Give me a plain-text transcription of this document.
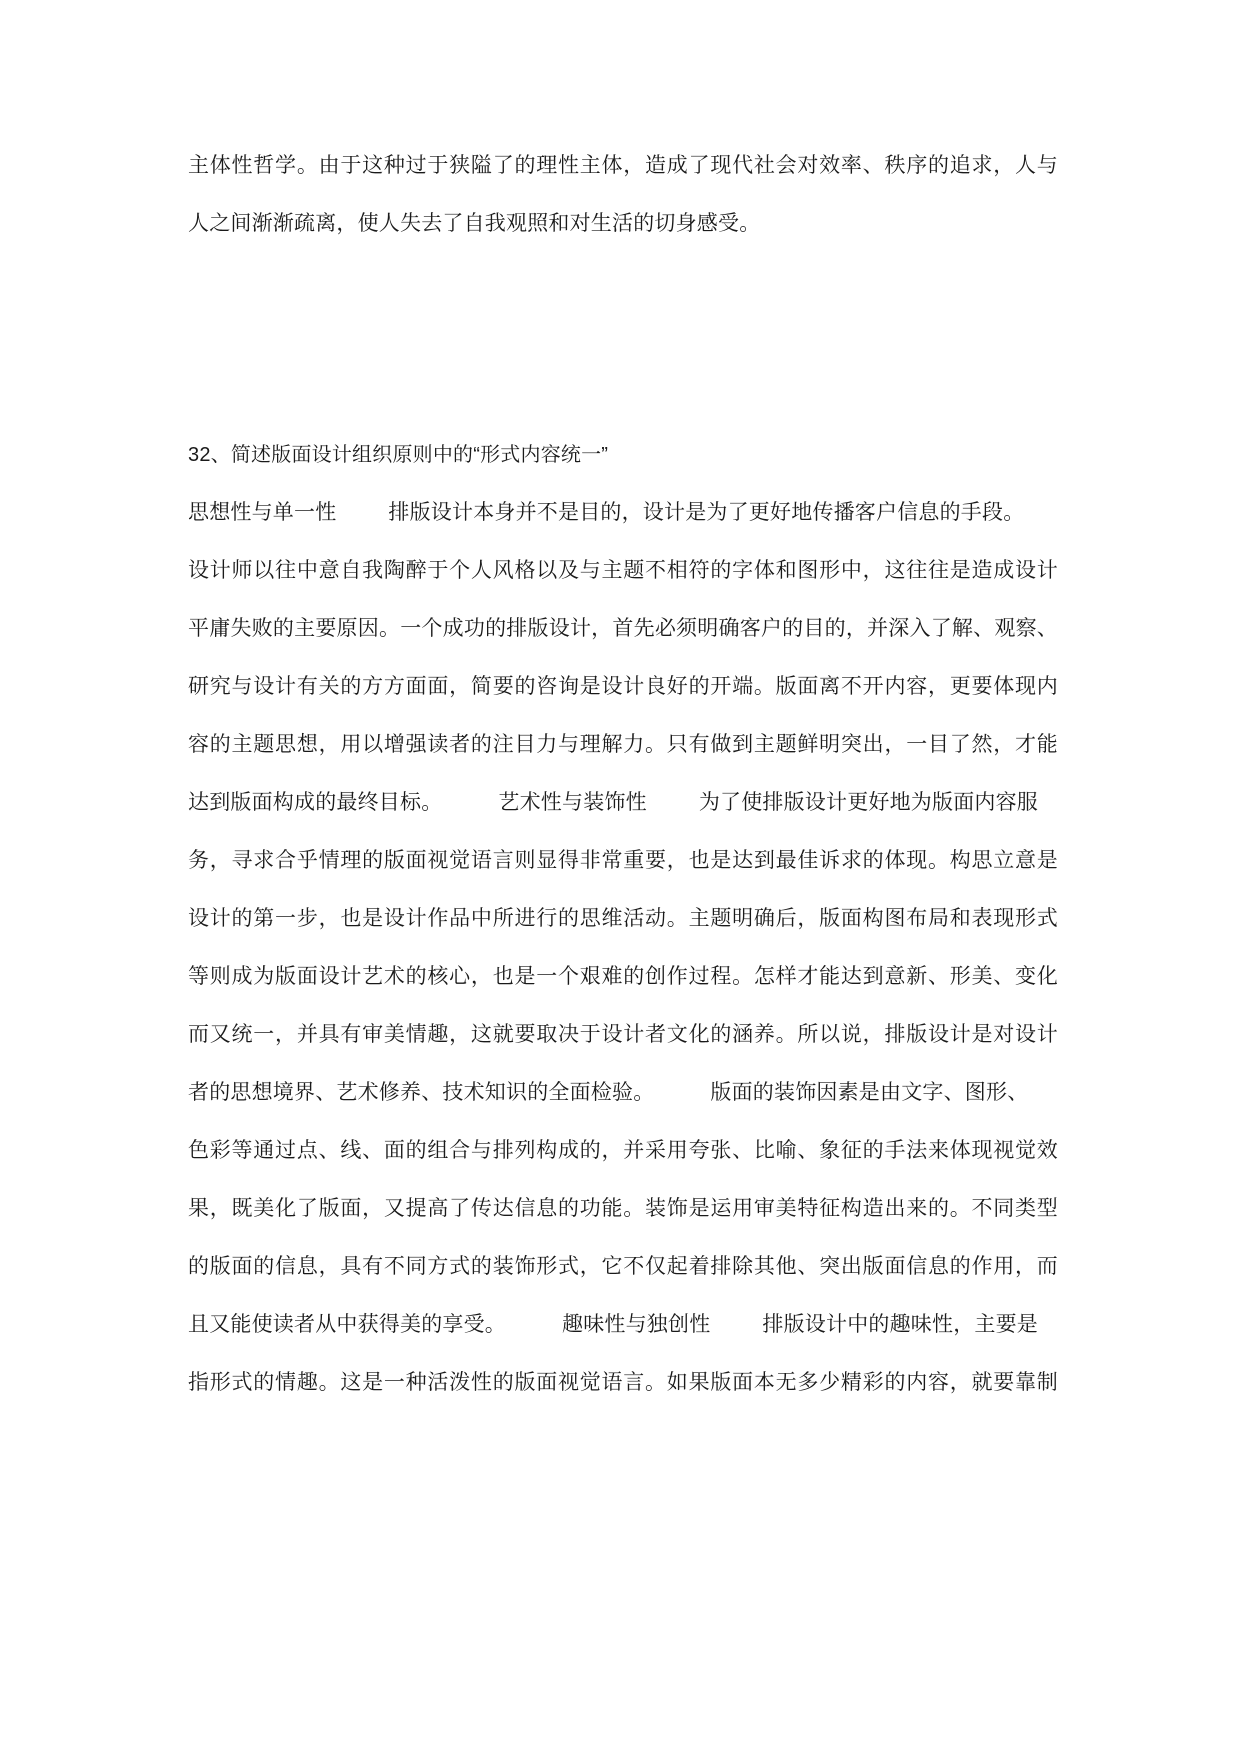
主体性哲学。由于这种过于狭隘了的理性主体，造成了现代社会对效率、秩序的追求，人与

人之间渐渐疏离，使人失去了自我观照和对生活的切身感受。

32、简述版面设计组织原则中的“形式内容统一”

思想性与单一性 排版设计本身并不是目的，设计是为了更好地传播客户信息的手段。

设计师以往中意自我陶醉于个人风格以及与主题不相符的字体和图形中，这往往是造成设计

平庸失败的主要原因。一个成功的排版设计，首先必须明确客户的目的，并深入了解、观察、

研究与设计有关的方方面面，简要的咨询是设计良好的开端。版面离不开内容，更要体现内

容的主题思想，用以增强读者的注目力与理解力。只有做到主题鲜明突出，一目了然，才能

达到版面构成的最终目标。	艺术性与装饰性 为了使排版设计更好地为版面内容服

务，寻求合乎情理的版面视觉语言则显得非常重要，也是达到最佳诉求的体现。构思立意是

设计的第一步，也是设计作品中所进行的思维活动。主题明确后，版面构图布局和表现形式

等则成为版面设计艺术的核心，也是一个艰难的创作过程。怎样才能达到意新、形美、变化

而又统一，并具有审美情趣，这就要取决于设计者文化的涵养。所以说，排版设计是对设计

者的思想境界、艺术修养、技术知识的全面检验。	版面的装饰因素是由文字、图形、

色彩等通过点、线、面的组合与排列构成的，并采用夸张、比喻、象征的手法来体现视觉效

果，既美化了版面，又提高了传达信息的功能。装饰是运用审美特征构造出来的。不同类型

的版面的信息，具有不同方式的装饰形式，它不仅起着排除其他、突出版面信息的作用，而

且又能使读者从中获得美的享受。	趣味性与独创性 排版设计中的趣味性，主要是

指形式的情趣。这是一种活泼性的版面视觉语言。如果版面本无多少精彩的内容，就要靠制
